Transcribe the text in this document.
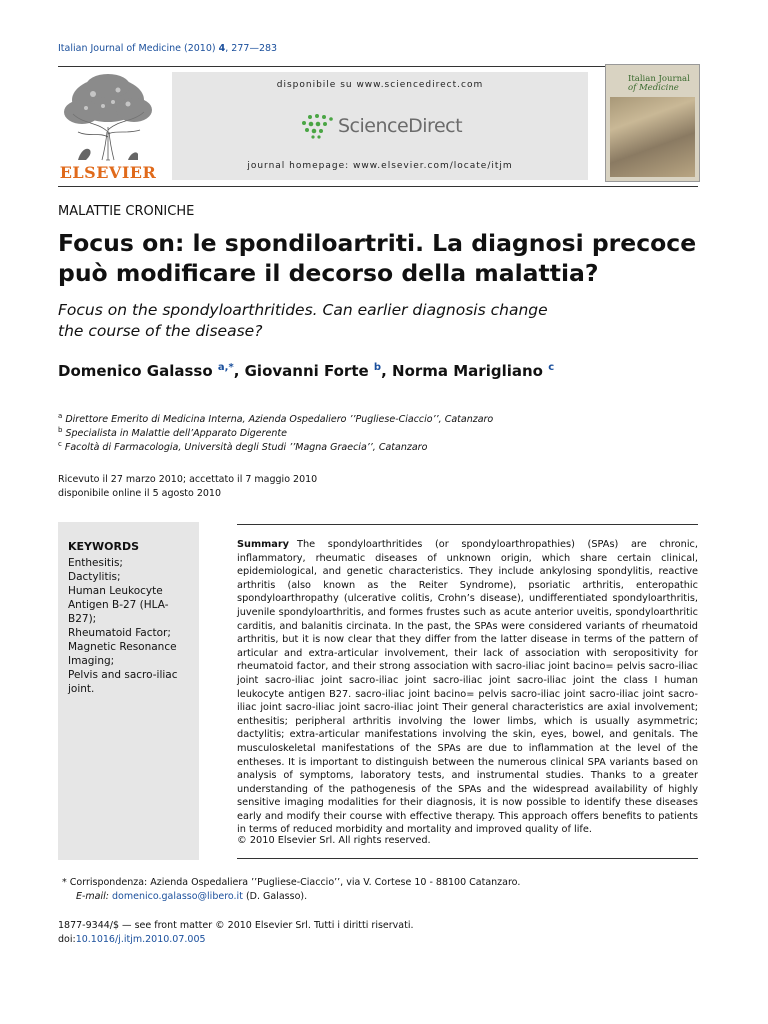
Italian Journal of Medicine (2010) 4, 277—283
ELSEVIER
disponibile su www.sciencedirect.com
ScienceDirect
journal homepage: www.elsevier.com/locate/itjm
Italian Journal
of Medicine
MALATTIE CRONICHE
Focus on: le spondiloartriti. La diagnosi precoce
può modificare il decorso della malattia?
Focus on the spondyloarthritides. Can earlier diagnosis change
the course of the disease?
Domenico Galasso $^{a,*}$, Giovanni Forte $^b$, Norma Marigliano $^c$
$^a$ Direttore Emerito di Medicina Interna, Azienda Ospedaliero ’’Pugliese-Ciaccio’’, Catanzaro
$^b$ Specialista in Malattie dell’Apparato Digerente
$^c$ Facoltà di Farmacologia, Università degli Studi ’’Magna Graecia’’, Catanzaro
Ricevuto il 27 marzo 2010; accettato il 7 maggio 2010
disponibile online il 5 agosto 2010
KEYWORDS
Enthesitis;
Dactylitis;
Human Leukocyte Antigen B-27 (HLA-B27);
Rheumatoid Factor;
Magnetic Resonance Imaging;
Pelvis and sacro-iliac joint.
Summary The spondyloarthritides (or spondyloarthropathies) (SPAs) are chronic, inflammatory, rheumatic diseases of unknown origin, which share certain clinical, epidemiological, and genetic characteristics. They include ankylosing spondylitis, reactive arthritis (also known as the Reiter Syndrome), psoriatic arthritis, enteropathic spondyloarthropathy (ulcerative colitis, Crohn’s disease), undifferentiated spondyloarthritis, juvenile spondyloarthritis, and formes frustes such as acute anterior uveitis, spondyloarthritic carditis, and balanitis circinata. In the past, the SPAs were considered variants of rheumatoid arthritis, but it is now clear that they differ from the latter disease in terms of the pattern of articular and extra-articular involvement, their lack of association with seropositivity for rheumatoid factor, and their strong association with sacro-iliac joint bacino= pelvis sacro-iliac joint sacro-iliac joint sacro-iliac joint sacro-iliac joint sacro-iliac joint the class I human leukocyte antigen B27. sacro-iliac joint bacino= pelvis sacro-iliac joint sacro-iliac joint sacro-iliac joint sacro-iliac joint sacro-iliac joint Their general characteristics are axial involvement; enthesitis; peripheral arthritis involving the lower limbs, which is usually asymmetric; dactylitis; extra-articular manifestations involving the skin, eyes, bowel, and genitals. The musculoskeletal manifestations of the SPAs are due to inflammation at the level of the entheses. It is important to distinguish between the numerous clinical SPA variants based on analysis of symptoms, laboratory tests, and instrumental studies. Thanks to a greater understanding of the pathogenesis of the SPAs and the widespread availability of highly sensitive imaging modalities for their diagnosis, it is now possible to identify these diseases early and modify their course with effective therapy. This approach offers benefits to patients in terms of reduced morbidity and mortality and improved quality of life.
© 2010 Elsevier Srl. All rights reserved.
* Corrispondenza: Azienda Ospedaliera ’’Pugliese-Ciaccio’’, via V. Cortese 10 - 88100 Catanzaro.
E-mail: domenico.galasso@libero.it (D. Galasso).
1877-9344/$ — see front matter © 2010 Elsevier Srl. Tutti i diritti riservati.
doi:10.1016/j.itjm.2010.07.005
